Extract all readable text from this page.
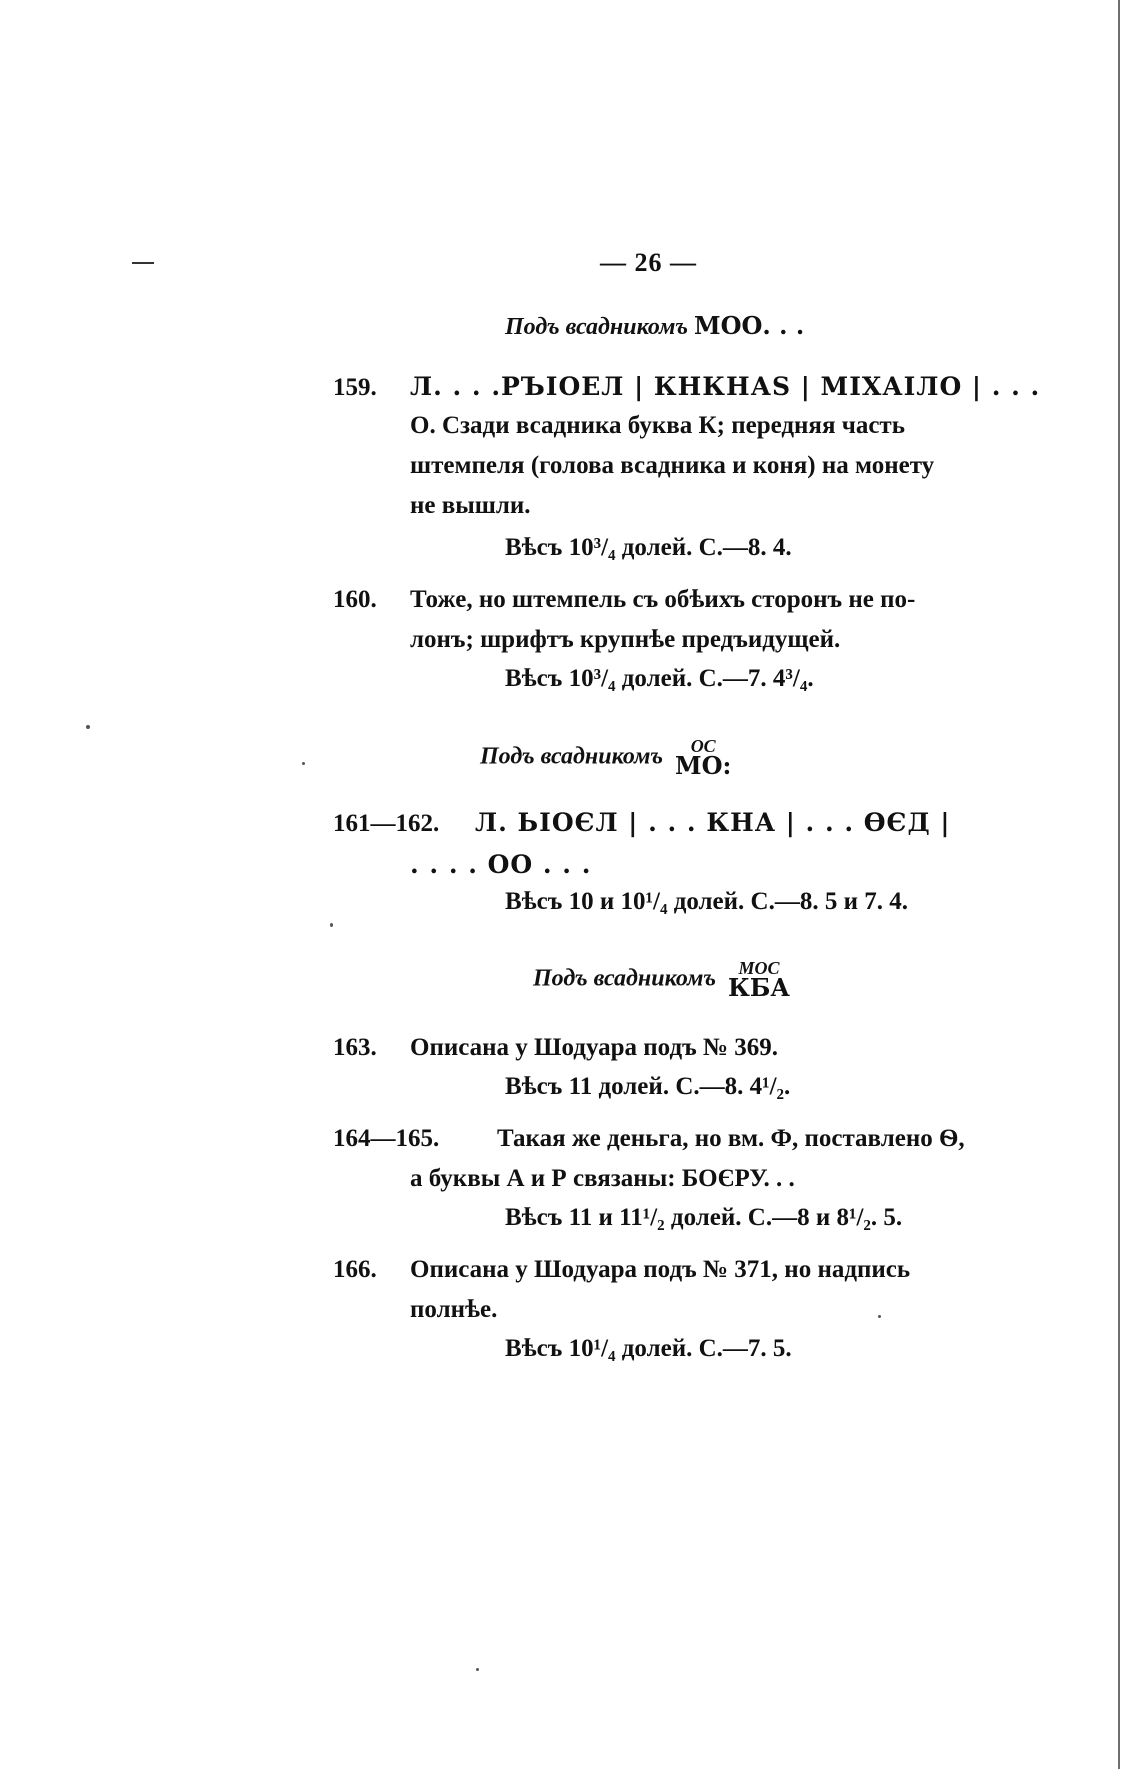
— 26 —
Подъ всадникомъ МОО. . .
159. Л. . . .РЪІОЕЛ | КНКНАЅ | МІХАІЛО | . . .
О. Сзади всадника буква К; передняя часть
штемпеля (голова всадника и коня) на монету
не вышли.
Вѣсъ 10³/₄ долей. С.—8. 4.
160. Тоже, но штемпель съ обѣихъ сторонъ не по-
лонъ; шрифтъ крупнѣе предъидущей.
Вѣсъ 10³/₄ долей. С.—7. 4³/₄.
Подъ всадникомъ	ОС
МО:
161—162. Л. ЬІОЄЛ | . . . КНА | . . . ѲЄД |
. . . . ОО . . .
Вѣсъ 10 и 10¹/₄ долей. С.—8. 5 и 7. 4.
Подъ всадникомъ	МОС
КБА
163. Описана у Шодуара подъ № 369.
Вѣсъ 11 долей. С.—8. 4¹/₂.
164—165. Такая же деньга, но вм. Ф, поставлено Ѳ,
а буквы А и Р связаны: БОЄРУ. . .
Вѣсъ 11 и 11¹/₂ долей. С.—8 и 8¹/₂. 5.
166. Описана у Шодуара подъ № 371, но надпись
полнѣе.
Вѣсъ 10¹/₄ долей. С.—7. 5.
